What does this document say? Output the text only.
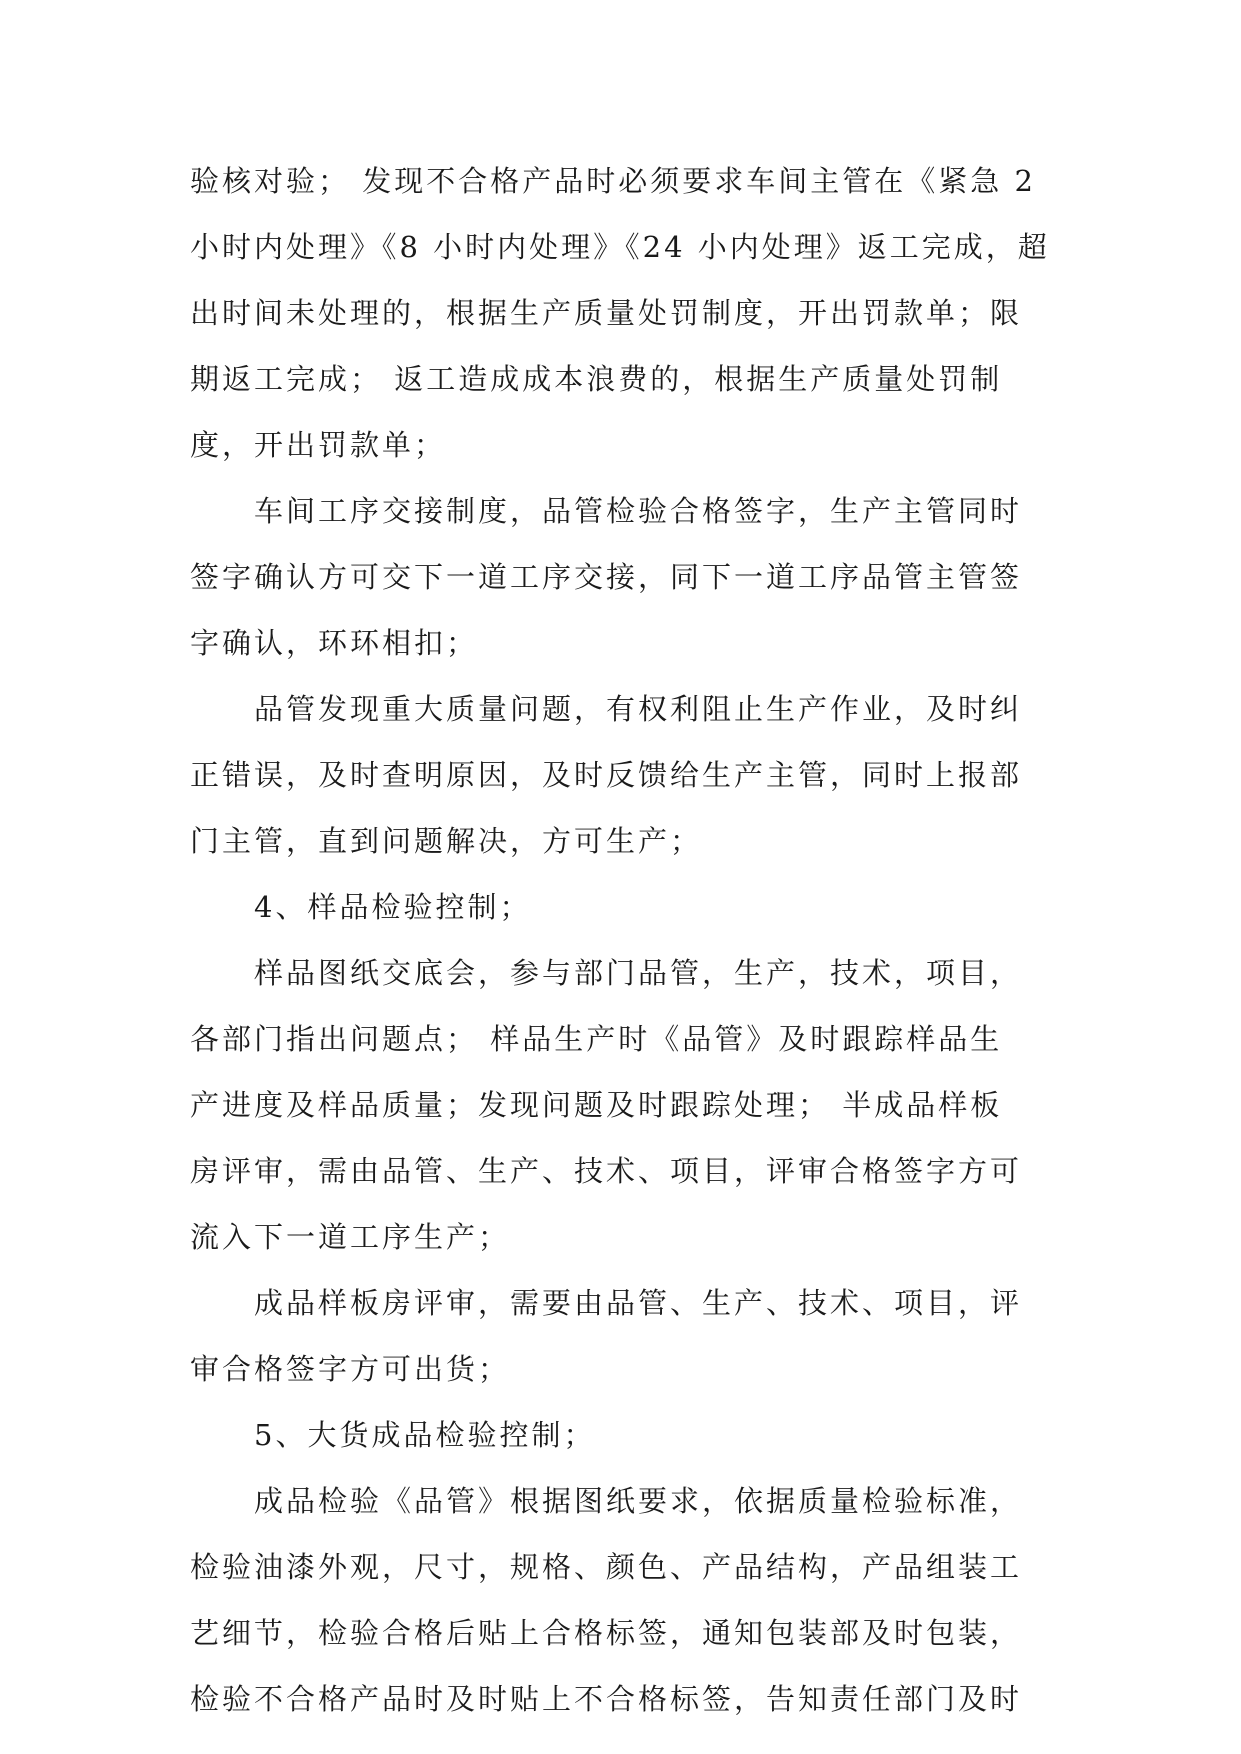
验核对验； 发现不合格产品时必须要求车间主管在《紧急 2
小时内处理》《8 小时内处理》《24 小内处理》返工完成，超
出时间未处理的，根据生产质量处罚制度，开出罚款单；限
期返工完成； 返工造成成本浪费的，根据生产质量处罚制
度，开出罚款单；
车间工序交接制度，品管检验合格签字，生产主管同时
签字确认方可交下一道工序交接，同下一道工序品管主管签
字确认，环环相扣；
品管发现重大质量问题，有权利阻止生产作业，及时纠
正错误，及时查明原因，及时反馈给生产主管，同时上报部
门主管，直到问题解决，方可生产；
4、样品检验控制；
样品图纸交底会，参与部门品管，生产，技术，项目，
各部门指出问题点； 样品生产时《品管》及时跟踪样品生
产进度及样品质量；发现问题及时跟踪处理； 半成品样板
房评审，需由品管、生产、技术、项目，评审合格签字方可
流入下一道工序生产；
成品样板房评审，需要由品管、生产、技术、项目，评
审合格签字方可出货；
5、大货成品检验控制；
成品检验《品管》根据图纸要求，依据质量检验标准，
检验油漆外观，尺寸，规格、颜色、产品结构，产品组装工
艺细节，检验合格后贴上合格标签，通知包装部及时包装，
检验不合格产品时及时贴上不合格标签，告知责任部门及时
